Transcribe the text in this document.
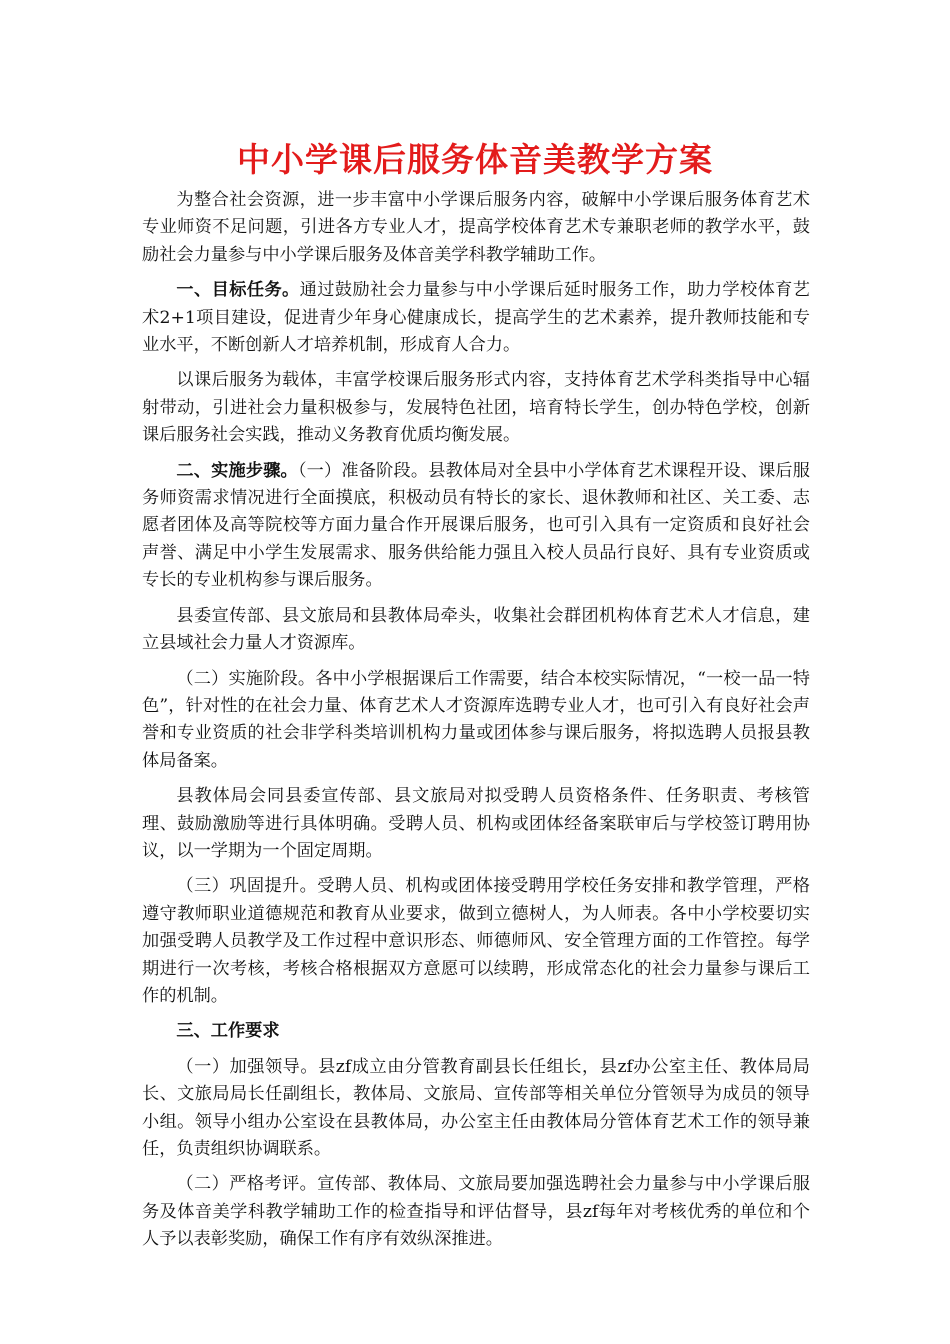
中小学课后服务体音美教学方案

为整合社会资源，进一步丰富中小学课后服务内容，破解中小学课后服务体育艺术专业师资不足问题，引进各方专业人才，提高学校体育艺术专兼职老师的教学水平，鼓励社会力量参与中小学课后服务及体音美学科教学辅助工作。

一、目标任务。通过鼓励社会力量参与中小学课后延时服务工作，助力学校体育艺术2+1项目建设，促进青少年身心健康成长，提高学生的艺术素养，提升教师技能和专业水平，不断创新人才培养机制，形成育人合力。

以课后服务为载体，丰富学校课后服务形式内容，支持体育艺术学科类指导中心辐射带动，引进社会力量积极参与，发展特色社团，培育特长学生，创办特色学校，创新课后服务社会实践，推动义务教育优质均衡发展。

二、实施步骤。（一）准备阶段。县教体局对全县中小学体育艺术课程开设、课后服务师资需求情况进行全面摸底，积极动员有特长的家长、退休教师和社区、关工委、志愿者团体及高等院校等方面力量合作开展课后服务，也可引入具有一定资质和良好社会声誉、满足中小学生发展需求、服务供给能力强且入校人员品行良好、具有专业资质或专长的专业机构参与课后服务。

县委宣传部、县文旅局和县教体局牵头，收集社会群团机构体育艺术人才信息，建立县域社会力量人才资源库。

（二）实施阶段。各中小学根据课后工作需要，结合本校实际情况，“一校一品一特色”，针对性的在社会力量、体育艺术人才资源库选聘专业人才，也可引入有良好社会声誉和专业资质的社会非学科类培训机构力量或团体参与课后服务，将拟选聘人员报县教体局备案。

县教体局会同县委宣传部、县文旅局对拟受聘人员资格条件、任务职责、考核管理、鼓励激励等进行具体明确。受聘人员、机构或团体经备案联审后与学校签订聘用协议，以一学期为一个固定周期。

（三）巩固提升。受聘人员、机构或团体接受聘用学校任务安排和教学管理，严格遵守教师职业道德规范和教育从业要求，做到立德树人，为人师表。各中小学校要切实加强受聘人员教学及工作过程中意识形态、师德师风、安全管理方面的工作管控。每学期进行一次考核，考核合格根据双方意愿可以续聘，形成常态化的社会力量参与课后工作的机制。

三、工作要求

（一）加强领导。县zf成立由分管教育副县长任组长，县zf办公室主任、教体局局长、文旅局局长任副组长，教体局、文旅局、宣传部等相关单位分管领导为成员的领导小组。领导小组办公室设在县教体局，办公室主任由教体局分管体育艺术工作的领导兼任，负责组织协调联系。

（二）严格考评。宣传部、教体局、文旅局要加强选聘社会力量参与中小学课后服务及体音美学科教学辅助工作的检查指导和评估督导，县zf每年对考核优秀的单位和个人予以表彰奖励，确保工作有序有效纵深推进。
